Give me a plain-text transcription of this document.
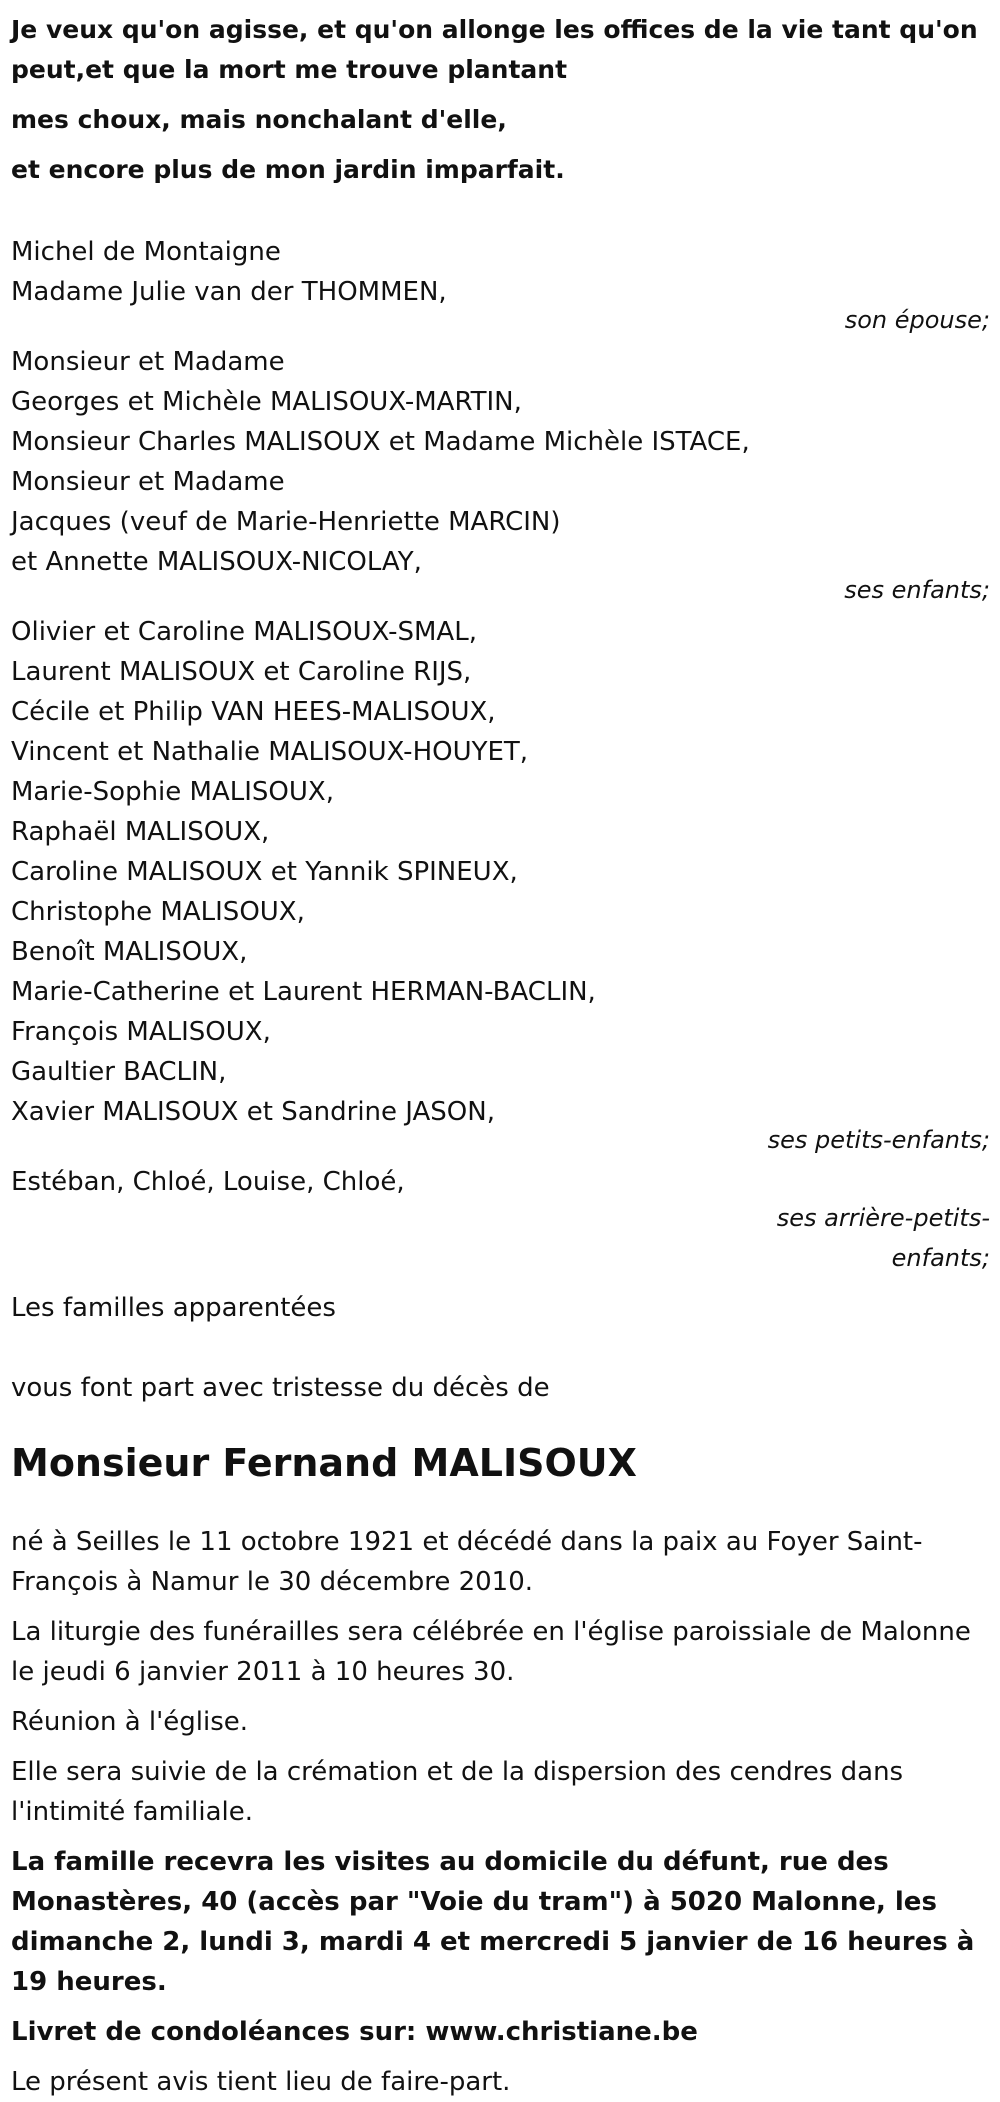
Je veux qu'on agisse, et qu'on allonge les offices de la vie tant qu'on peut,et que la mort me trouve plantant
mes choux, mais nonchalant d'elle,
et encore plus de mon jardin imparfait.
Michel de Montaigne
Madame Julie van der THOMMEN,
son épouse;
Monsieur et Madame
Georges et Michèle MALISOUX-MARTIN,
Monsieur Charles MALISOUX et Madame Michèle ISTACE,
Monsieur et Madame
Jacques (veuf de Marie-Henriette MARCIN)
et Annette MALISOUX-NICOLAY,
ses enfants;
Olivier et Caroline MALISOUX-SMAL,
Laurent MALISOUX et Caroline RIJS,
Cécile et Philip VAN HEES-MALISOUX,
Vincent et Nathalie MALISOUX-HOUYET,
Marie-Sophie MALISOUX,
Raphaël MALISOUX,
Caroline MALISOUX et Yannik SPINEUX,
Christophe MALISOUX,
Benoît MALISOUX,
Marie-Catherine et Laurent HERMAN-BACLIN,
François MALISOUX,
Gaultier BACLIN,
Xavier MALISOUX et Sandrine JASON,
ses petits-enfants;
Estéban, Chloé, Louise, Chloé,
ses arrière-petits-enfants;
Les familles apparentées
vous font part avec tristesse du décès de
Monsieur Fernand MALISOUX
né à Seilles le 11 octobre 1921 et décédé dans la paix au Foyer Saint-François à Namur le 30 décembre 2010.
La liturgie des funérailles sera célébrée en l'église paroissiale de Malonne le jeudi 6 janvier 2011 à 10 heures 30.
Réunion à l'église.
Elle sera suivie de la crémation et de la dispersion des cendres dans l'intimité familiale.
La famille recevra les visites au domicile du défunt, rue des Monastères, 40 (accès par "Voie du tram") à 5020 Malonne, les dimanche 2, lundi 3, mardi 4 et mercredi 5 janvier de 16 heures à 19 heures.
Livret de condoléances sur: www.christiane.be
Le présent avis tient lieu de faire-part.
